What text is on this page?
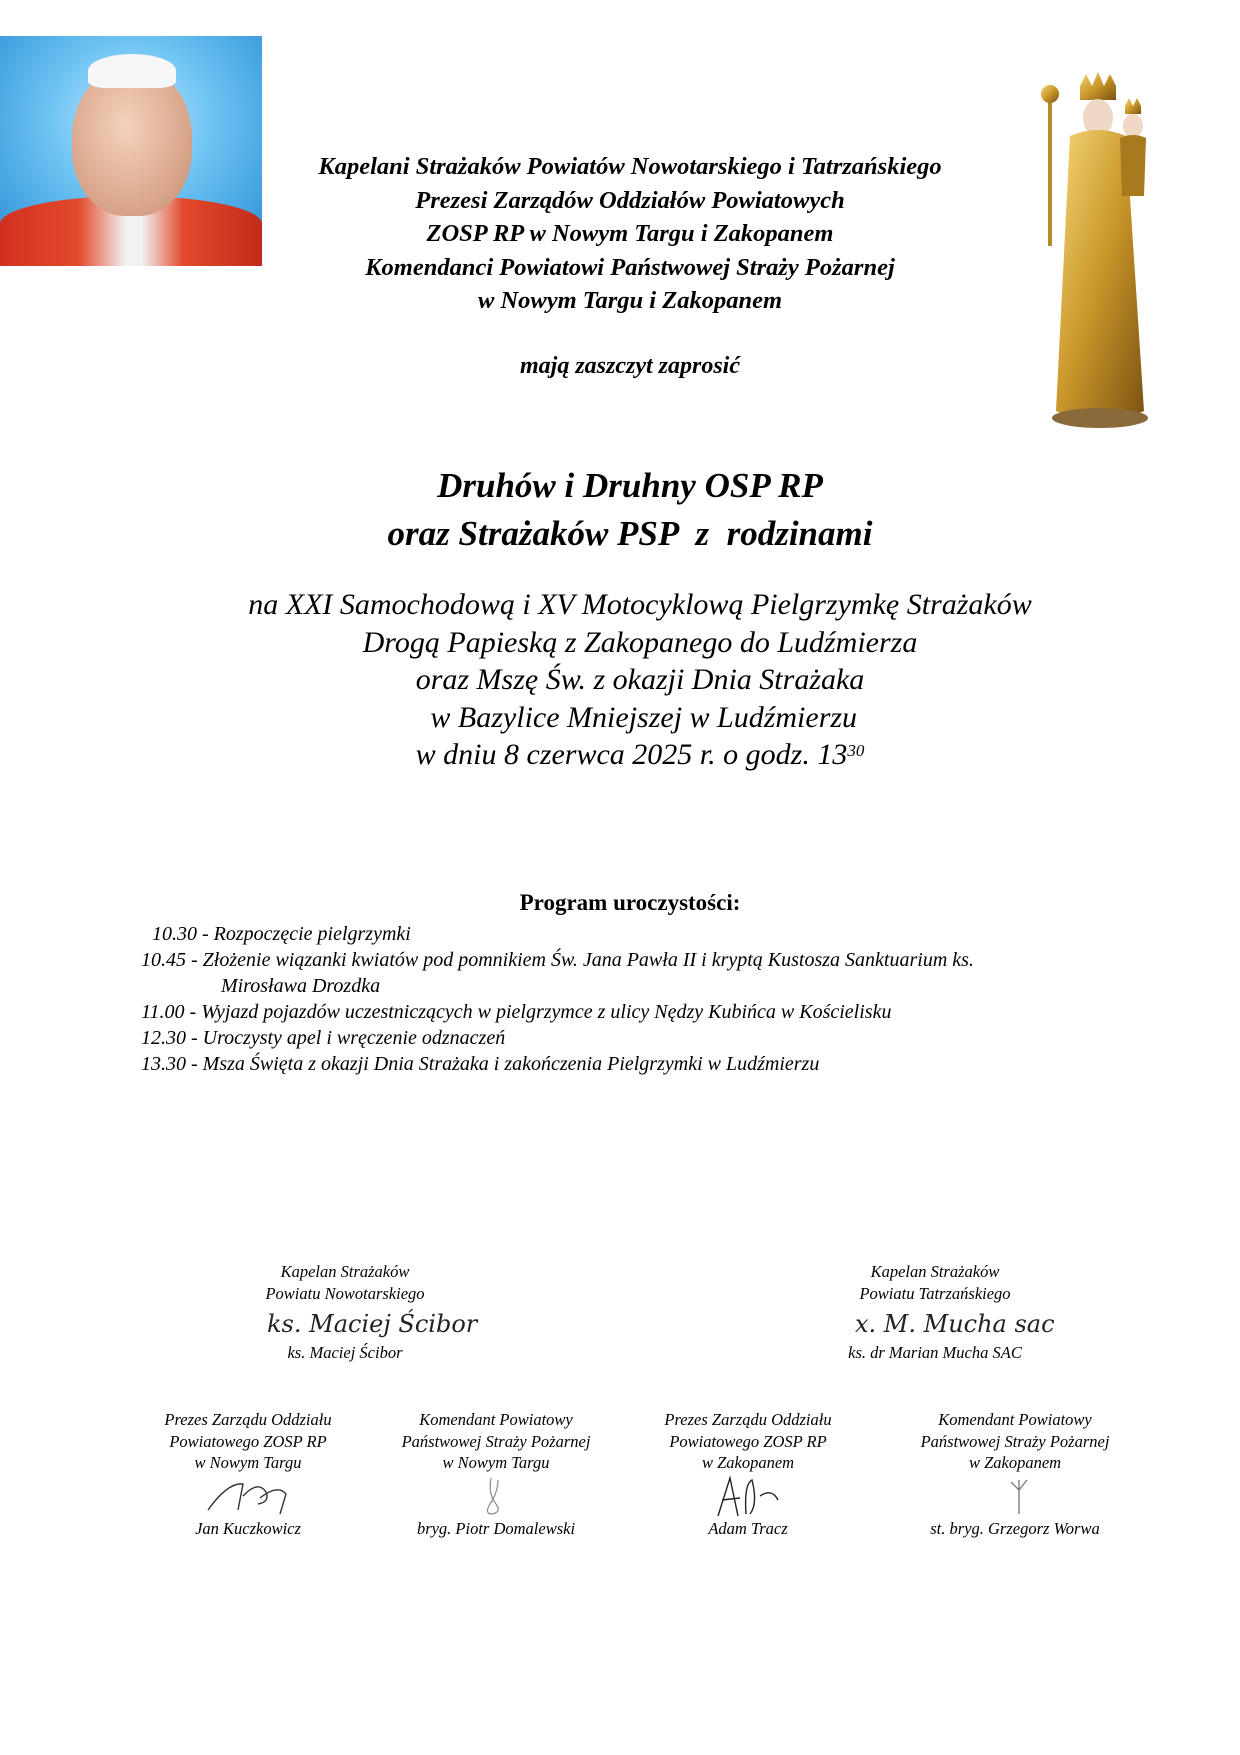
Kapelani Strażaków Powiatów Nowotarskiego i Tatrzańskiego
Prezesi Zarządów Oddziałów Powiatowych
ZOSP RP w Nowym Targu i Zakopanem
Komendanci Powiatowi Państwowej Straży Pożarnej
w Nowym Targu i Zakopanem
mają zaszczyt zaprosić
Druhów i Druhny OSP RP
oraz Strażaków PSP  z  rodzinami
na XXI Samochodową i XV Motocyklową Pielgrzymkę Strażaków
Drogą Papieską z Zakopanego do Ludźmierza
oraz Mszę Św. z okazji Dnia Strażaka
w Bazylice Mniejszej w Ludźmierzu
w dniu 8 czerwca 2025 r. o godz. $13^{30}$
Program uroczystości:
10.30 - Rozpoczęcie pielgrzymki
10.45 - Złożenie wiązanki kwiatów pod pomnikiem Św. Jana Pawła II i kryptą Kustosza Sanktuarium ks.
Mirosława Drozdka
11.00 - Wyjazd pojazdów uczestniczących w pielgrzymce z ulicy Nędzy Kubińca w Kościelisku
12.30 - Uroczysty apel i wręczenie odznaczeń
13.30 - Msza Święta z okazji Dnia Strażaka i zakończenia Pielgrzymki w Ludźmierzu
Kapelan Strażaków
Powiatu Nowotarskiego
ks. Maciej Ścibor
ks. Maciej Ścibor
Kapelan Strażaków
Powiatu Tatrzańskiego
x. M. Mucha sac
ks. dr Marian Mucha SAC
Prezes Zarządu Oddziału
Powiatowego ZOSP RP
w Nowym Targu
Jan Kuczkowicz
Komendant Powiatowy
Państwowej Straży Pożarnej
w Nowym Targu
bryg. Piotr Domalewski
Prezes Zarządu Oddziału
Powiatowego ZOSP RP
w Zakopanem
Adam Tracz
Komendant Powiatowy
Państwowej Straży Pożarnej
w Zakopanem
st. bryg. Grzegorz Worwa
